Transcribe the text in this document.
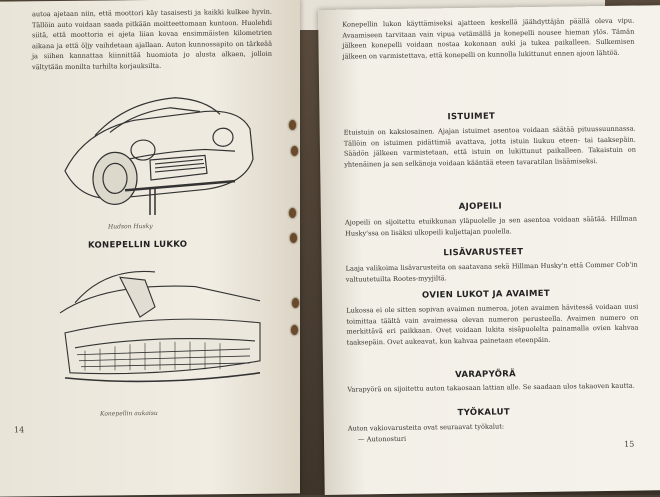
autoa ajetaan niin, että moottori käy tasaisesti ja kaikki kulkee hyvin. Tällöin auto voidaan saada pitkään moitteettomaan kuntoon. Huolehdi siitä, että moottoria ei ajeta liian kovaa ensimmäisten kilometrien aikana ja että öljy vaihdetaan ajallaan. Auton kunnossapito on tärkeää ja siihen kannattaa kiinnittää huomiota jo alusta alkaen, jolloin vältytään monilta turhilta korjauksilta.
Hudson Husky
KONEPELLIN LUKKO
Konepellin aukaisu
14
Konepellin lukon käyttämiseksi ajatteen keskellä jäähdyttäjän päällä oleva vipu. Avaamiseen tarvitaan vain vipua vetämällä ja konepelli nousee hieman ylös. Tämän jälkeen konepelli voidaan nostaa kokonaan auki ja tukea paikalleen. Sulkemisen jälkeen on varmistettava, että konepelli on kunnolla lukittunut ennen ajoon lähtöä.
ISTUIMET
Etuistuin on kaksiosainen. Ajajan istuimet asentoa voidaan säätää pituussuunnassa. Tällöin on istuimen pidättimiä avattava, jotta istuin liukuu eteen- tai taaksepäin. Säädön jälkeen varmistetaan, että istuin on lukittunut paikalleen. Takaistuin on yhtenäinen ja sen selkänoja voidaan kääntää eteen tavaratilan lisäämiseksi.
AJOPEILI
Ajopeili on sijoitettu etuikkunan yläpuolelle ja sen asentoa voidaan säätää. Hillman Husky'ssa on lisäksi ulkopeili kuljettajan puolella.
LISÄVARUSTEET
Laaja valikoima lisävarusteita on saatavana sekä Hillman Husky'n että Commer Cob'in valtuutetuilta Rootes-myyjiltä.
OVIEN LUKOT JA AVAIMET
Lukossa ei ole sitten sopivan avaimen numeroa, joten avaimen hävitessä voidaan uusi toimittaa täältä vain avaimessa olevan numeron perusteella. Avaimen numero on merkittävä eri paikkaan. Ovet voidaan lukita sisäpuolelta painamalla ovien kahvaa taaksepäin. Ovet aukeavat, kun kahvaa painetaan eteenpäin.
VARAPYÖRÄ
Varapyörä on sijoitettu auton takaosaan lattian alle. Se saadaan ulos takaoven kautta.
TYÖKALUT
Auton vakiovarusteita ovat seuraavat työkalut:
— Autonosturi
15
